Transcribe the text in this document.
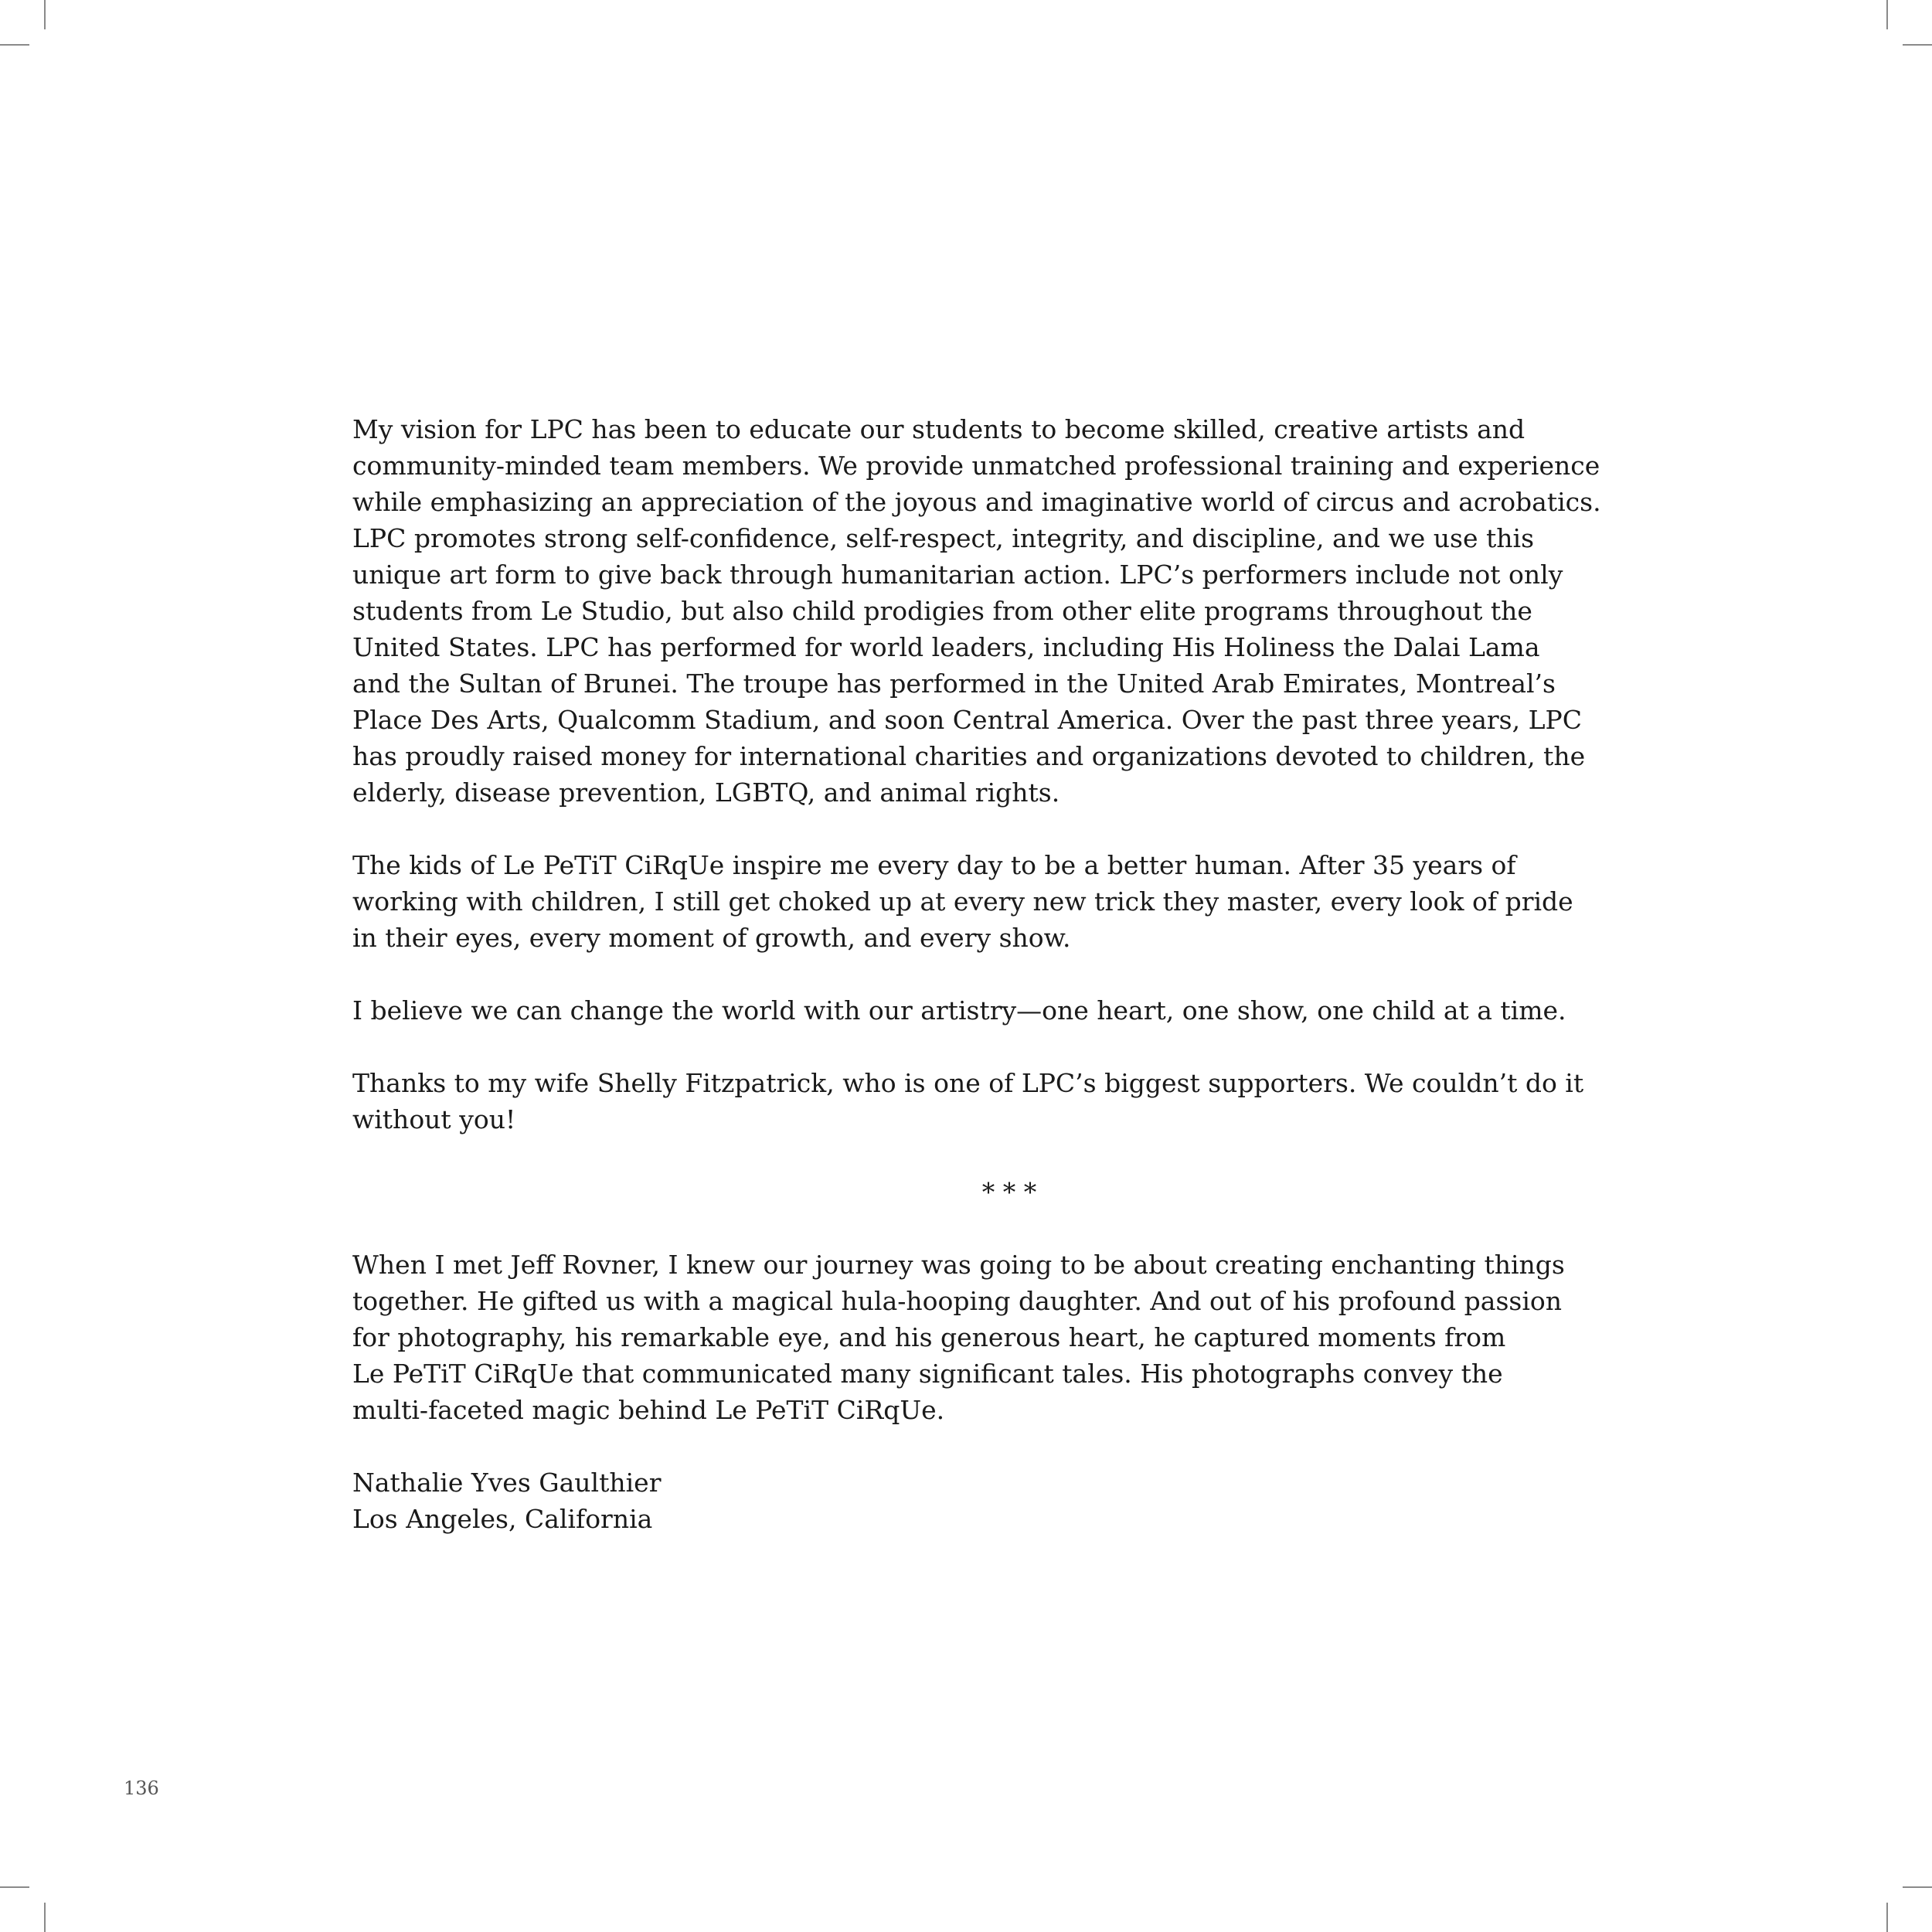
My vision for LPC has been to educate our students to become skilled, creative artists and
community-minded team members. We provide unmatched professional training and experience
while emphasizing an appreciation of the joyous and imaginative world of circus and acrobatics.
LPC promotes strong self-confidence, self-respect, integrity, and discipline, and we use this
unique art form to give back through humanitarian action. LPC’s performers include not only
students from Le Studio, but also child prodigies from other elite programs throughout the
United States. LPC has performed for world leaders, including His Holiness the Dalai Lama
and the Sultan of Brunei. The troupe has performed in the United Arab Emirates, Montreal’s
Place Des Arts, Qualcomm Stadium, and soon Central America. Over the past three years, LPC
has proudly raised money for international charities and organizations devoted to children, the
elderly, disease prevention, LGBTQ, and animal rights.

The kids of Le PeTiT CiRqUe inspire me every day to be a better human. After 35 years of
working with children, I still get choked up at every new trick they master, every look of pride
in their eyes, every moment of growth, and every show.

I believe we can change the world with our artistry—one heart, one show, one child at a time.

Thanks to my wife Shelly Fitzpatrick, who is one of LPC’s biggest supporters. We couldn’t do it
without you!

* * *

When I met Jeff Rovner, I knew our journey was going to be about creating enchanting things
together. He gifted us with a magical hula-hooping daughter. And out of his profound passion
for photography, his remarkable eye, and his generous heart, he captured moments from
Le PeTiT CiRqUe that communicated many significant tales. His photographs convey the
multi-faceted magic behind Le PeTiT CiRqUe.

Nathalie Yves Gaulthier
Los Angeles, California

136
